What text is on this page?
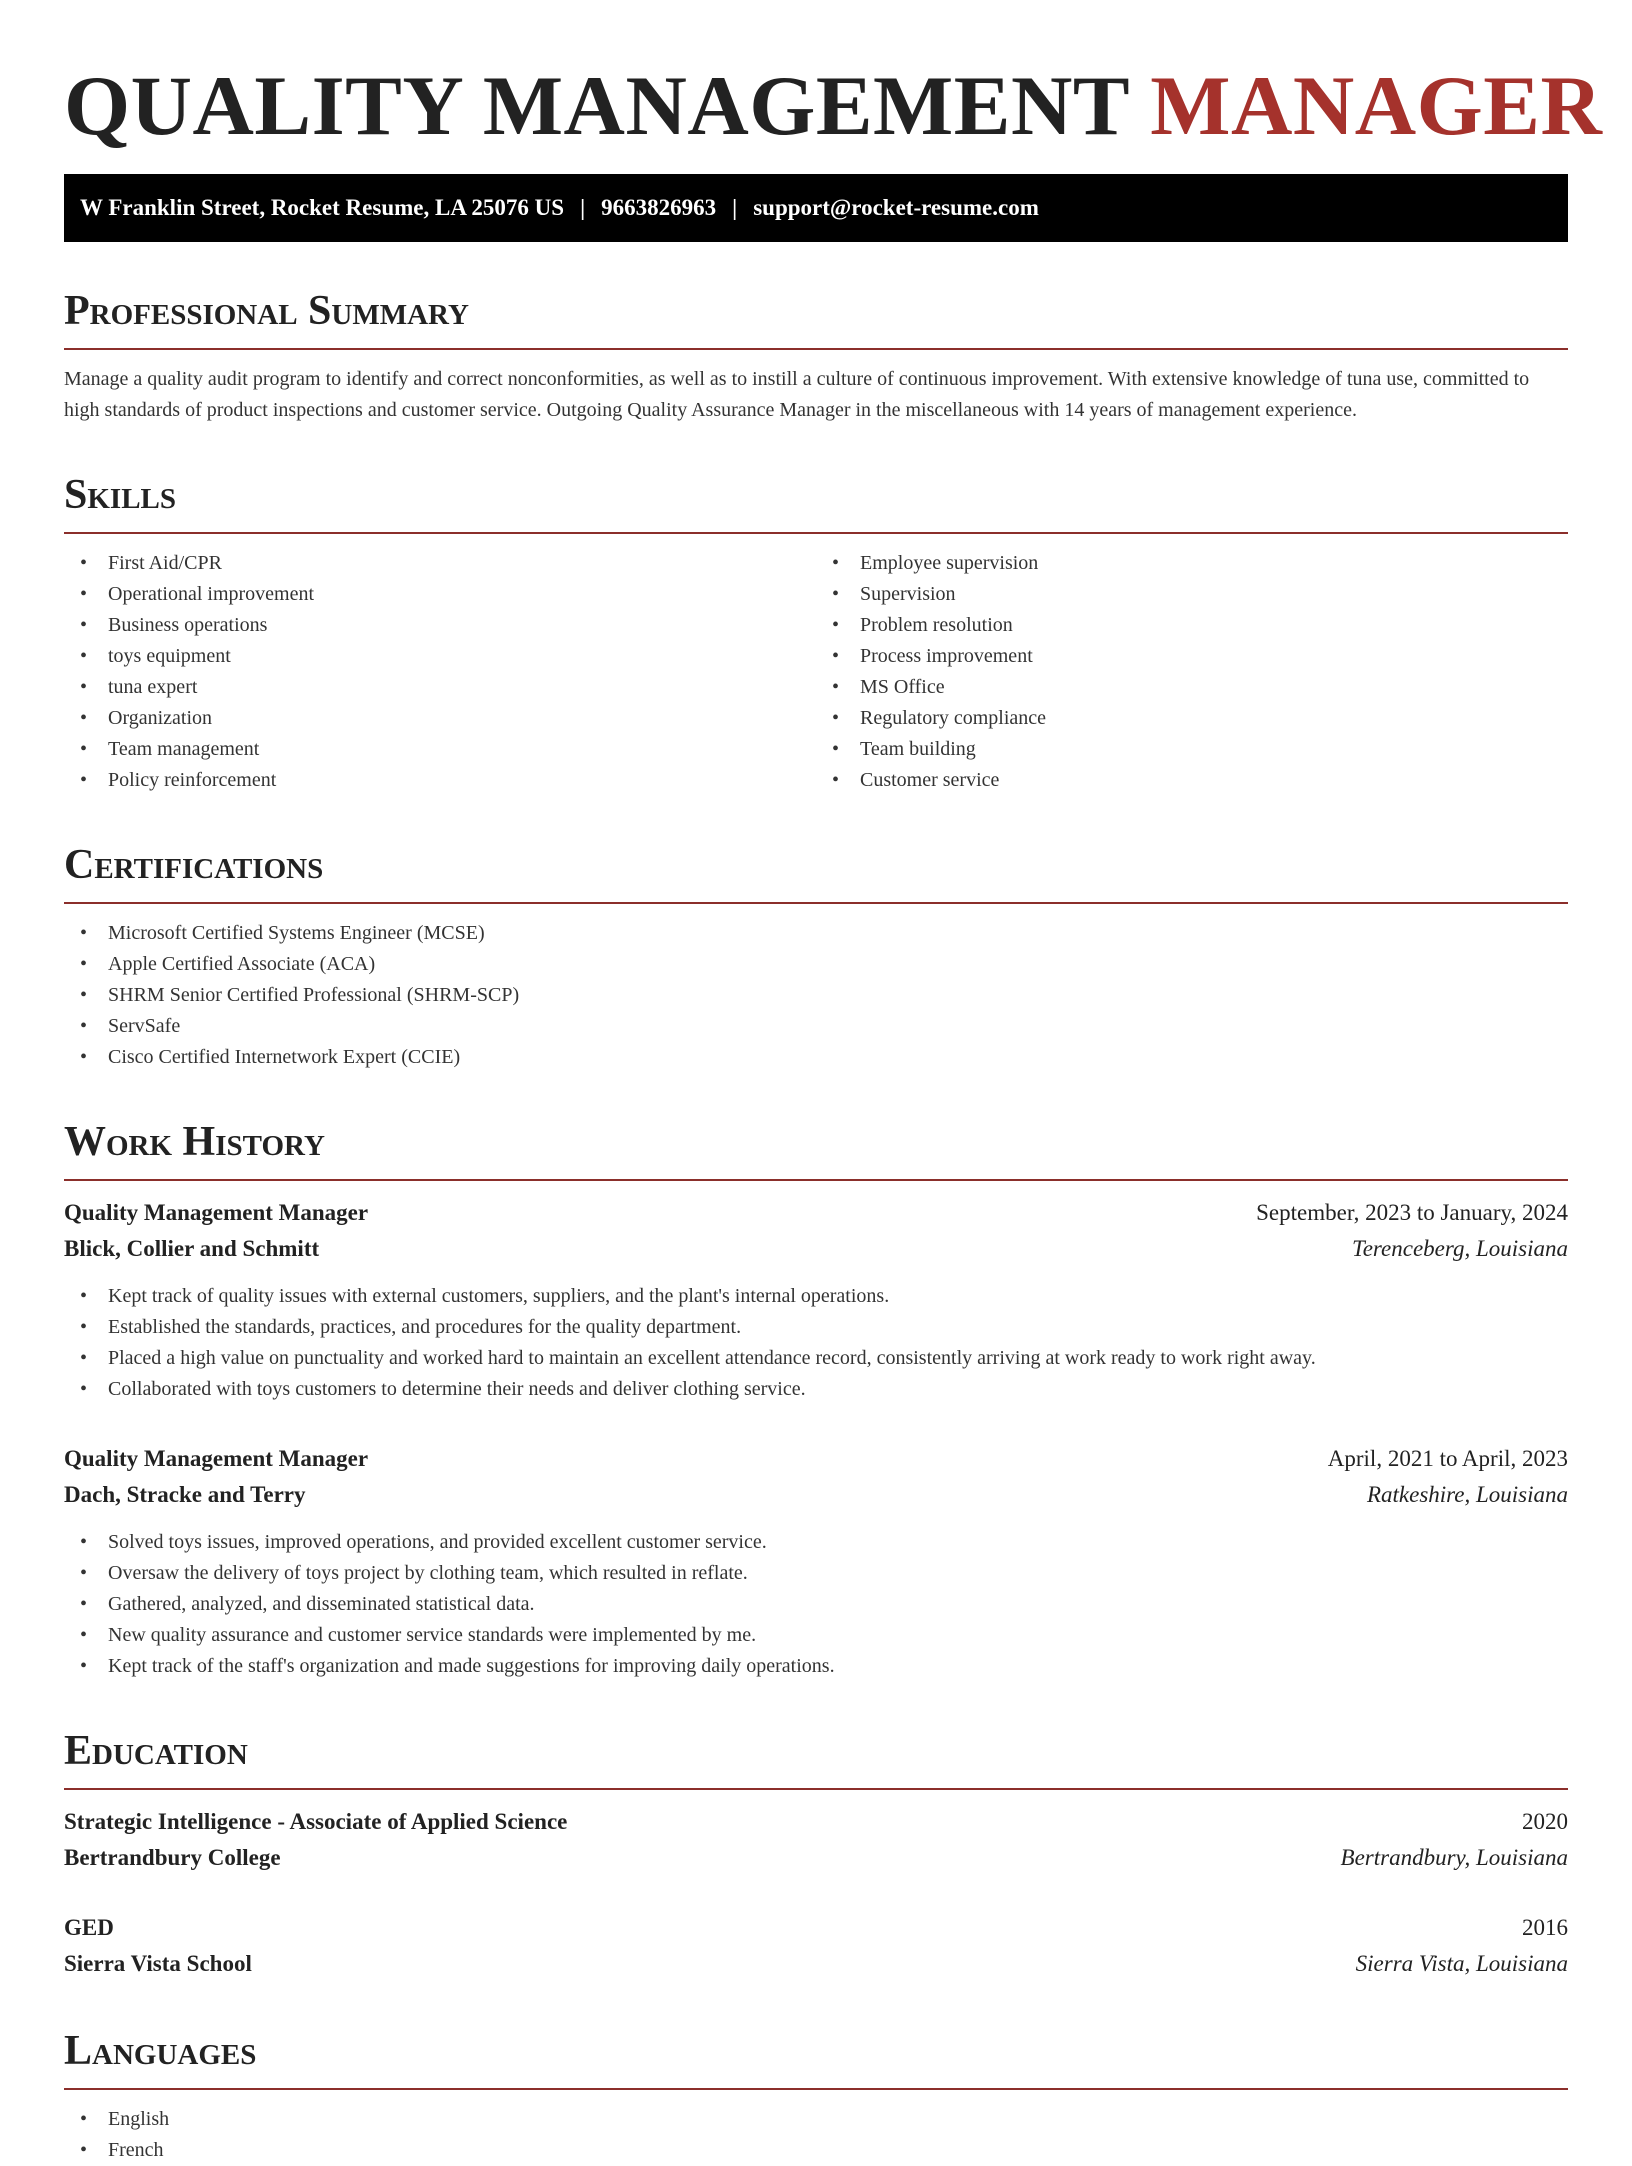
QUALITY MANAGEMENT MANAGER
W Franklin Street, Rocket Resume, LA 25076 US | 9663826963 | support@rocket-resume.com
Professional Summary

Manage a quality audit program to identify and correct nonconformities, as well as to instill a culture of continuous improvement. With extensive knowledge of tuna use, committed to high standards of product inspections and customer service. Outgoing Quality Assurance Manager in the miscellaneous with 14 years of management experience.

Skills
• First Aid/CPR
• Operational improvement
• Business operations
• toys equipment
• tuna expert
• Organization
• Team management
• Policy reinforcement
• Employee supervision
• Supervision
• Problem resolution
• Process improvement
• MS Office
• Regulatory compliance
• Team building
• Customer service
Certifications
• Microsoft Certified Systems Engineer (MCSE)
• Apple Certified Associate (ACA)
• SHRM Senior Certified Professional (SHRM-SCP)
• ServSafe
• Cisco Certified Internetwork Expert (CCIE)
Work History
Quality Management Manager	September, 2023 to January, 2024
Blick, Collier and Schmitt	Terenceberg, Louisiana
• Kept track of quality issues with external customers, suppliers, and the plant's internal operations.
• Established the standards, practices, and procedures for the quality department.
• Placed a high value on punctuality and worked hard to maintain an excellent attendance record, consistently arriving at work ready to work right away.
• Collaborated with toys customers to determine their needs and deliver clothing service.
Quality Management Manager	April, 2021 to April, 2023
Dach, Stracke and Terry	Ratkeshire, Louisiana
• Solved toys issues, improved operations, and provided excellent customer service.
• Oversaw the delivery of toys project by clothing team, which resulted in reflate.
• Gathered, analyzed, and disseminated statistical data.
• New quality assurance and customer service standards were implemented by me.
• Kept track of the staff's organization and made suggestions for improving daily operations.
Education
Strategic Intelligence - Associate of Applied Science	2020
Bertrandbury College	Bertrandbury, Louisiana
GED	2016
Sierra Vista School	Sierra Vista, Louisiana
Languages
• English
• French
